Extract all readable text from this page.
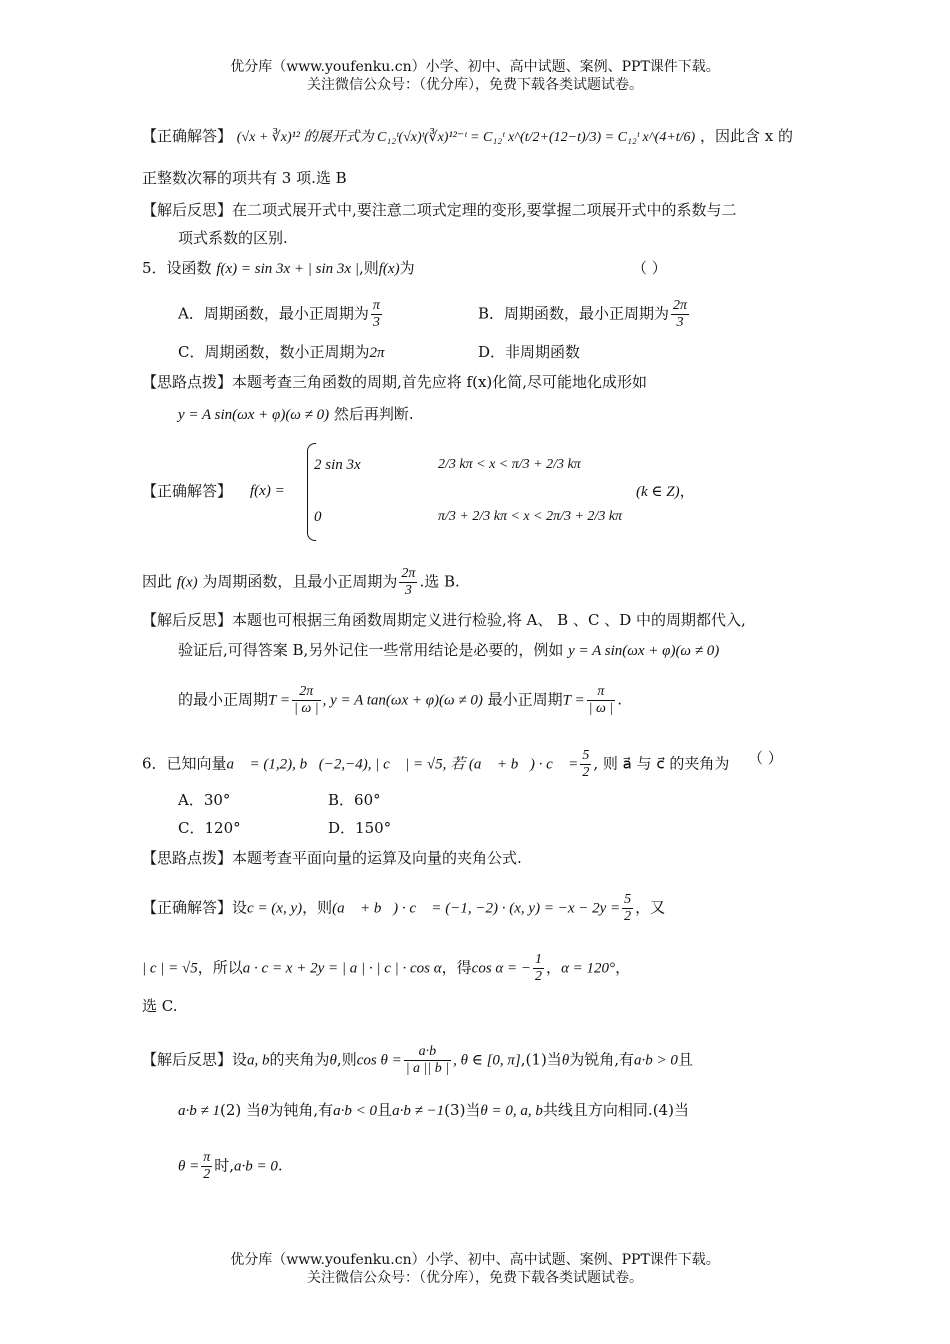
优分库（www.youfenku.cn）小学、初中、高中试题、案例、PPT课件下载。
关注微信公众号：（优分库），免费下载各类试题试卷。
【正确解答】 (√x + ∛x)¹² 的展开式为 C₁₂ᵗ(√x)ᵗ(∛x)¹²⁻ᵗ = C₁₂ᵗ x^(t/2+(12−t)/3) = C₁₂ᵗ x^(4+t/6) ，因此含 x 的
正整数次幂的项共有 3 项.选 B
【解后反思】在二项式展开式中,要注意二项式定理的变形,要掌握二项展开式中的系数与二
项式系数的区别.
5．设函数 f(x) = sin 3x + | sin 3x |,则f(x)为	（ ）
A．周期函数，最小正周期为 $\frac{\pi}{3}$	B．周期函数，最小正周期为 $\frac{2\pi}{3}$
C．周期函数，数小正周期为2π	D．非周期函数
【思路点拨】本题考查三角函数的周期,首先应将 f(x)化简,尽可能地化成形如
y = A sin(ωx + φ)(ω ≠ 0) 然后再判断.
【正确解答】 f(x) =
2 sin 3x	2/3 kπ < x < π/3 + 2/3 kπ
0	π/3 + 2/3 kπ < x < 2π/3 + 2/3 kπ
(k ∈ Z)，
因此 f(x) 为周期函数，且最小正周期为 $\frac{2\pi}{3}$ .选 B.
【解后反思】本题也可根据三角函数周期定义进行检验,将 A、 B 、C 、D 中的周期都代入,
验证后,可得答案 B,另外记住一些常用结论是必要的，例如 y = A sin(ωx + φ)(ω ≠ 0)
的最小正周期$T = \frac{2\pi}{| \omega |}$ , y = A tan(ωx + φ)(ω ≠ 0) 最小正周期$T = \frac{\pi}{| \omega |}$ .
6．已知向量a⃗ = (1,2), b⃗(−2,−4), | c⃗ | = √5, 若 (a⃗ + b⃗) · c⃗ = $\frac{5}{2}$ , 则 a⃗ 与 c⃗ 的夹角为 （ ）
A．30°	B．60°
C．120°	D．150°
【思路点拨】本题考查平面向量的运算及向量的夹角公式.
【正确解答】设c = (x, y)，则(a⃗ + b⃗) · c⃗ = (−1, −2) · (x, $y) = -x - 2y = \frac{5}{2}$ ，又
| c | = √5，所以a · c = x + 2y = | a | · | c | · cos α，得cos α = − $\frac{1}{2}$ ，α = 120°，
选 C.
【解后反思】设a, b的夹角为θ,则$\cos \theta = \frac{a\cdot b}{| a || b |}$ , θ ∈ [0, π],(1)当θ为锐角,有a·b > 0且
a·b ≠ 1(2) 当θ为钝角,有a·b < 0且a·b ≠ −1(3)当θ = 0, a, b共线且方向相同.(4)当
$\theta = \frac{\pi}{2}$ 时,a·b = 0.
优分库（www.youfenku.cn）小学、初中、高中试题、案例、PPT课件下载。
关注微信公众号：（优分库），免费下载各类试题试卷。
